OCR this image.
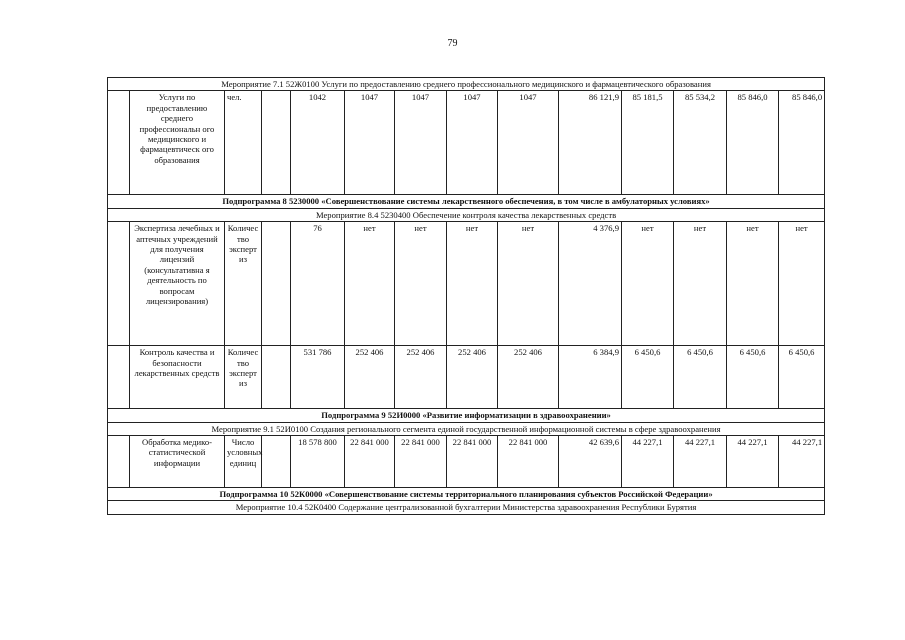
79
Мероприятие 7.1 52Ж0100 Услуги по предоставлению среднего профессионального медицинского и фармацевтического образования													
	Услуги по предоставлению среднего профессиональн ого медицинского и фармацевтическ ого образования	чел.		1042	1047	1047	1047	1047	86 121,9	85 181,5	85 534,2	85 846,0	85 846,0
Подпрограмма 8 5230000 «Совершенствование системы лекарственного обеспечения, в том числе в амбулаторных условиях»													
Мероприятие 8.4 5230400 Обеспечение контроля качества лекарственных средств													
	Экспертиза лечебных и аптечных учреждений для получения лицензий (консультативна я деятельность по вопросам лицензирования)	Количес тво эксперт из		76	нет	нет	нет	нет	4 376,9	нет	нет	нет	нет
	Контроль качества и безопасности лекарственных средств	Количес тво эксперт из		531 786	252 406	252 406	252 406	252 406	6 384,9	6 450,6	6 450,6	6 450,6	6 450,6
Подпрограмма 9 52И0000 «Развитие информатизации в здравоохранении»													
Мероприятие 9.1 52И0100 Создания регионального сегмента единой государственной информационной системы в сфере здравоохранения													
	Обработка медико-статистической информации	Число условных единиц		18 578 800	22 841 000	22 841 000	22 841 000	22 841 000	42 639,6	44 227,1	44 227,1	44 227,1	44 227,1
Подпрограмма 10 52К0000 «Совершенствование системы территориального планирования субъектов Российской Федерации»													
Мероприятие 10.4 52К0400 Содержание централизованной бухгалтерии Министерства здравоохранения Республики Бурятия													
